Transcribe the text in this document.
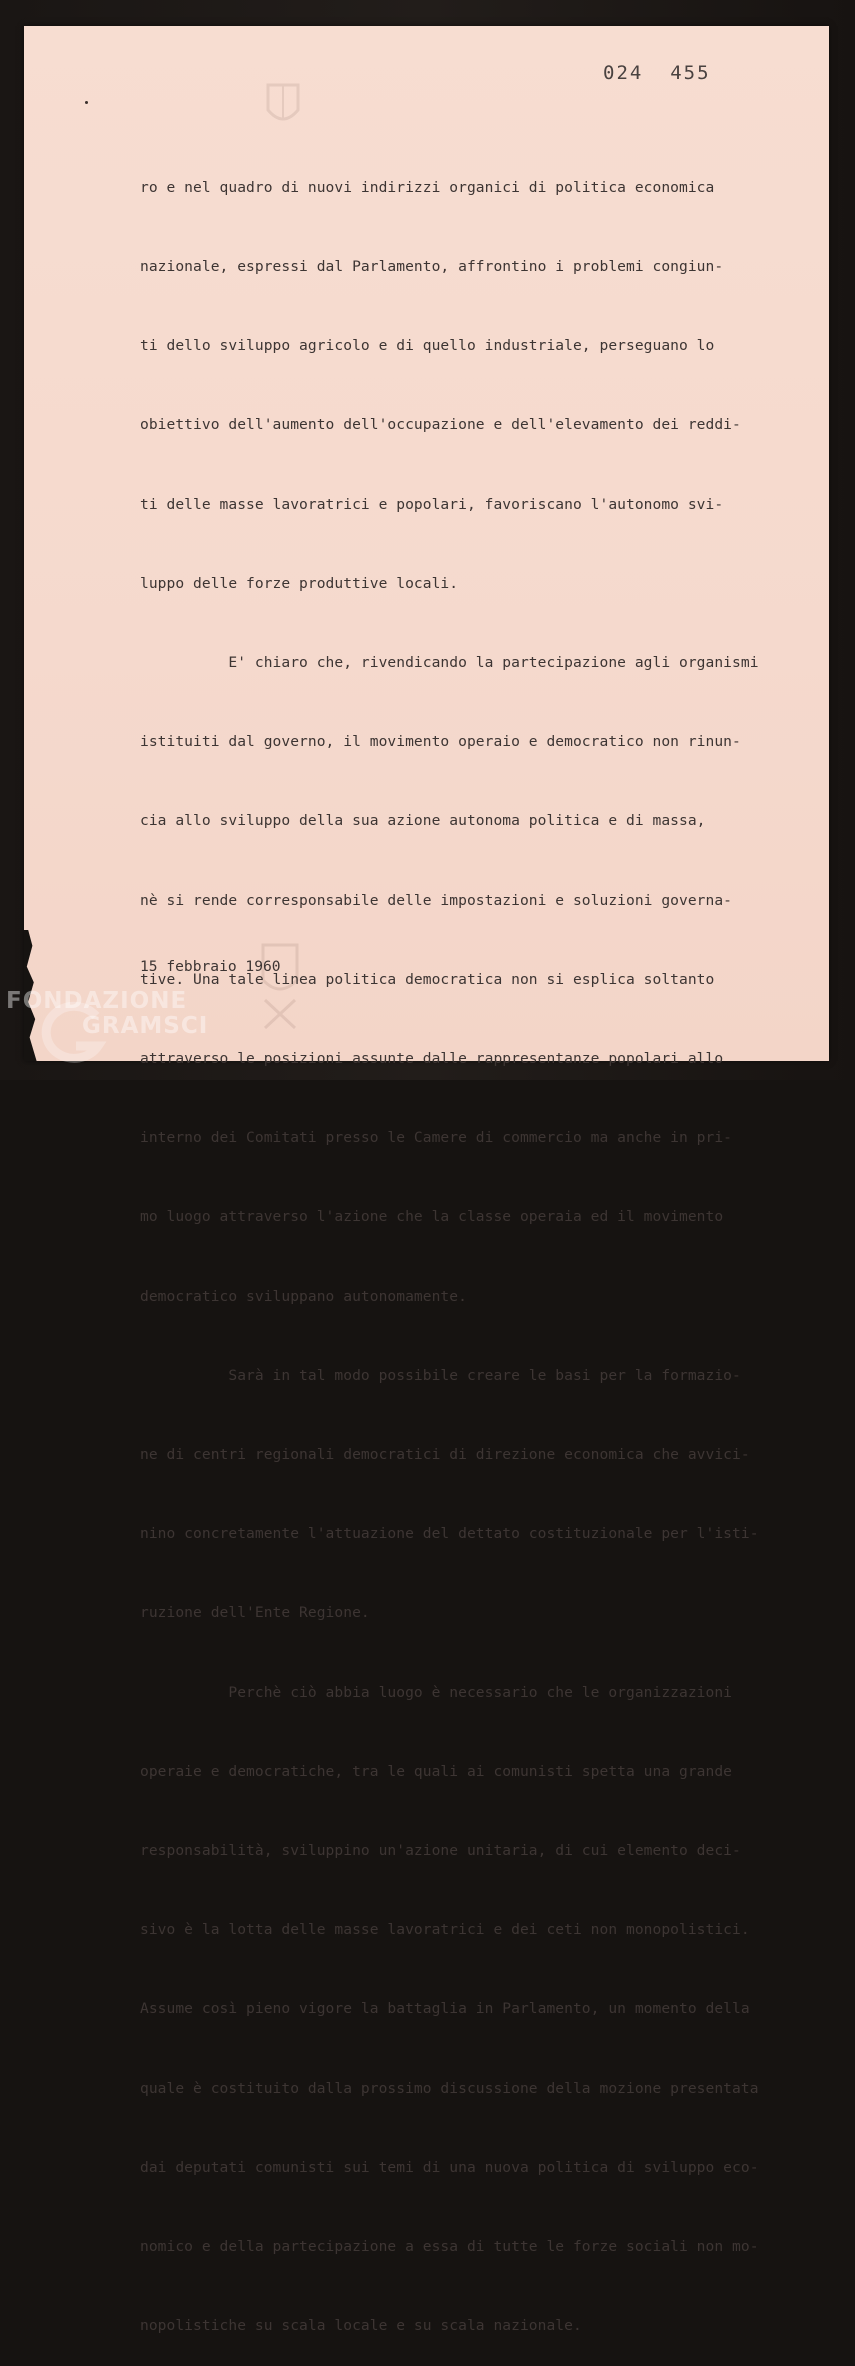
024  455

ro e nel quadro di nuovi indirizzi organici di politica economica

nazionale, espressi dal Parlamento, affrontino i problemi congiun-

ti dello sviluppo agricolo e di quello industriale, perseguano lo

obiettivo dell'aumento dell'occupazione e dell'elevamento dei reddi-

ti delle masse lavoratrici e popolari, favoriscano l'autonomo svi-

luppo delle forze produttive locali.

E' chiaro che, rivendicando la partecipazione agli organismi

istituiti dal governo, il movimento operaio e democratico non rinun-

cia allo sviluppo della sua azione autonoma politica e di massa,

nè si rende corresponsabile delle impostazioni e soluzioni governa-

tive. Una tale linea politica democratica non si esplica soltanto

attraverso le posizioni assunte dalle rappresentanze popolari allo

interno dei Comitati presso le Camere di commercio ma anche in pri-

mo luogo attraverso l'azione che la classe operaia ed il movimento

democratico sviluppano autonomamente.

Sarà in tal modo possibile creare le basi per la formazio-

ne di centri regionali democratici di direzione economica che avvici-

nino concretamente l'attuazione del dettato costituzionale per l'isti-

ruzione dell'Ente Regione.

Perchè ciò abbia luogo è necessario che le organizzazioni

operaie e democratiche, tra le quali ai comunisti spetta una grande

responsabilità, sviluppino un'azione unitaria, di cui elemento deci-

sivo è la lotta delle masse lavoratrici e dei ceti non monopolistici.

Assume così pieno vigore la battaglia in Parlamento, un momento della

quale è costituito dalla prossimo discussione della mozione presentata

dai deputati comunisti sui temi di una nuova politica di sviluppo eco-

nomico e della partecipazione a essa di tutte le forze sociali non mo-

nopolistiche su scala locale e su scala nazionale.

15 febbraio 1960
FONDAZIONE
GRAMSCI
